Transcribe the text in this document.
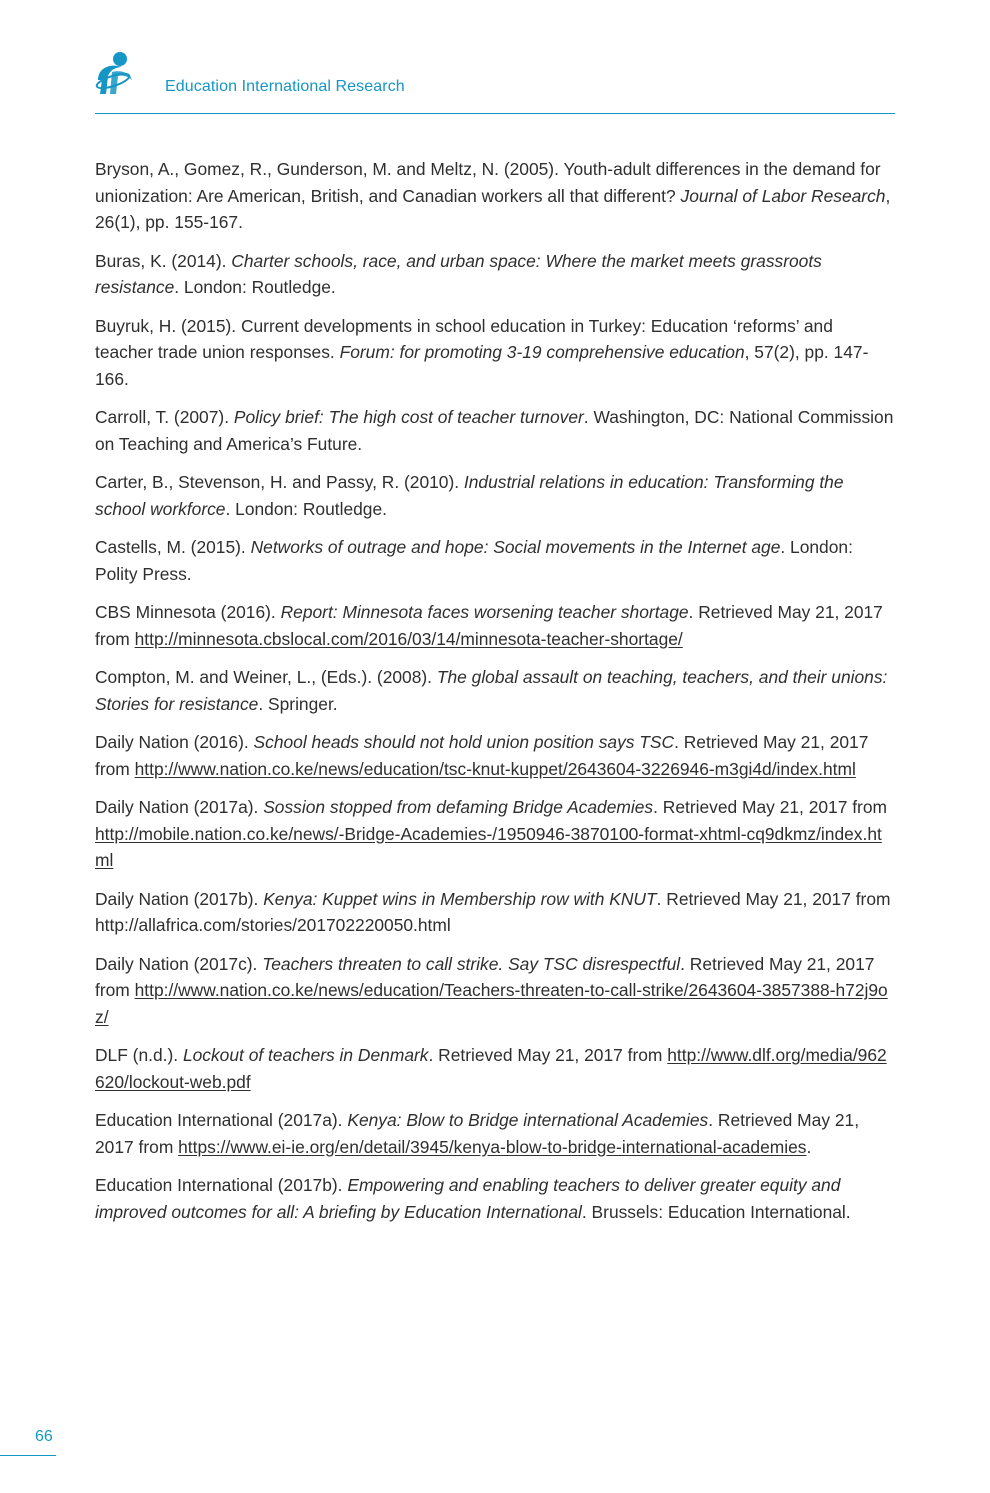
Education International Research
Bryson, A., Gomez, R., Gunderson, M. and Meltz, N. (2005). Youth-adult differences in the demand for unionization: Are American, British, and Canadian workers all that different? Journal of Labor Research, 26(1), pp. 155-167.
Buras, K. (2014). Charter schools, race, and urban space: Where the market meets grassroots resistance. London: Routledge.
Buyruk, H. (2015). Current developments in school education in Turkey: Education ‘reforms’ and teacher trade union responses. Forum: for promoting 3-19 comprehensive education, 57(2), pp. 147-166.
Carroll, T. (2007). Policy brief: The high cost of teacher turnover. Washington, DC: National Commission on Teaching and America’s Future.
Carter, B., Stevenson, H. and Passy, R. (2010). Industrial relations in education: Transforming the school workforce. London: Routledge.
Castells, M. (2015). Networks of outrage and hope: Social movements in the Internet age. London: Polity Press.
CBS Minnesota (2016). Report: Minnesota faces worsening teacher shortage. Retrieved May 21, 2017 from http://minnesota.cbslocal.com/2016/03/14/minnesota-teacher-shortage/
Compton, M. and Weiner, L., (Eds.). (2008). The global assault on teaching, teachers, and their unions: Stories for resistance. Springer.
Daily Nation (2016). School heads should not hold union position says TSC. Retrieved May 21, 2017 from http://www.nation.co.ke/news/education/tsc-knut-kuppet/2643604-3226946-m3gi4d/index.html
Daily Nation (2017a). Sossion stopped from defaming Bridge Academies. Retrieved May 21, 2017 from http://mobile.nation.co.ke/news/-Bridge-Academies-/1950946-3870100-format-xhtml-cq9dkmz/index.html
Daily Nation (2017b). Kenya: Kuppet wins in Membership row with KNUT. Retrieved May 21, 2017 from http://allafrica.com/stories/201702220050.html
Daily Nation (2017c). Teachers threaten to call strike. Say TSC disrespectful. Retrieved May 21, 2017 from http://www.nation.co.ke/news/education/Teachers-threaten-to-call-strike/2643604-3857388-h72j9oz/
DLF (n.d.). Lockout of teachers in Denmark. Retrieved May 21, 2017 from http://www.dlf.org/media/962620/lockout-web.pdf
Education International (2017a). Kenya: Blow to Bridge international Academies. Retrieved May 21, 2017 from https://www.ei-ie.org/en/detail/3945/kenya-blow-to-bridge-international-academies.
Education International (2017b). Empowering and enabling teachers to deliver greater equity and improved outcomes for all: A briefing by Education International. Brussels: Education International.
66
